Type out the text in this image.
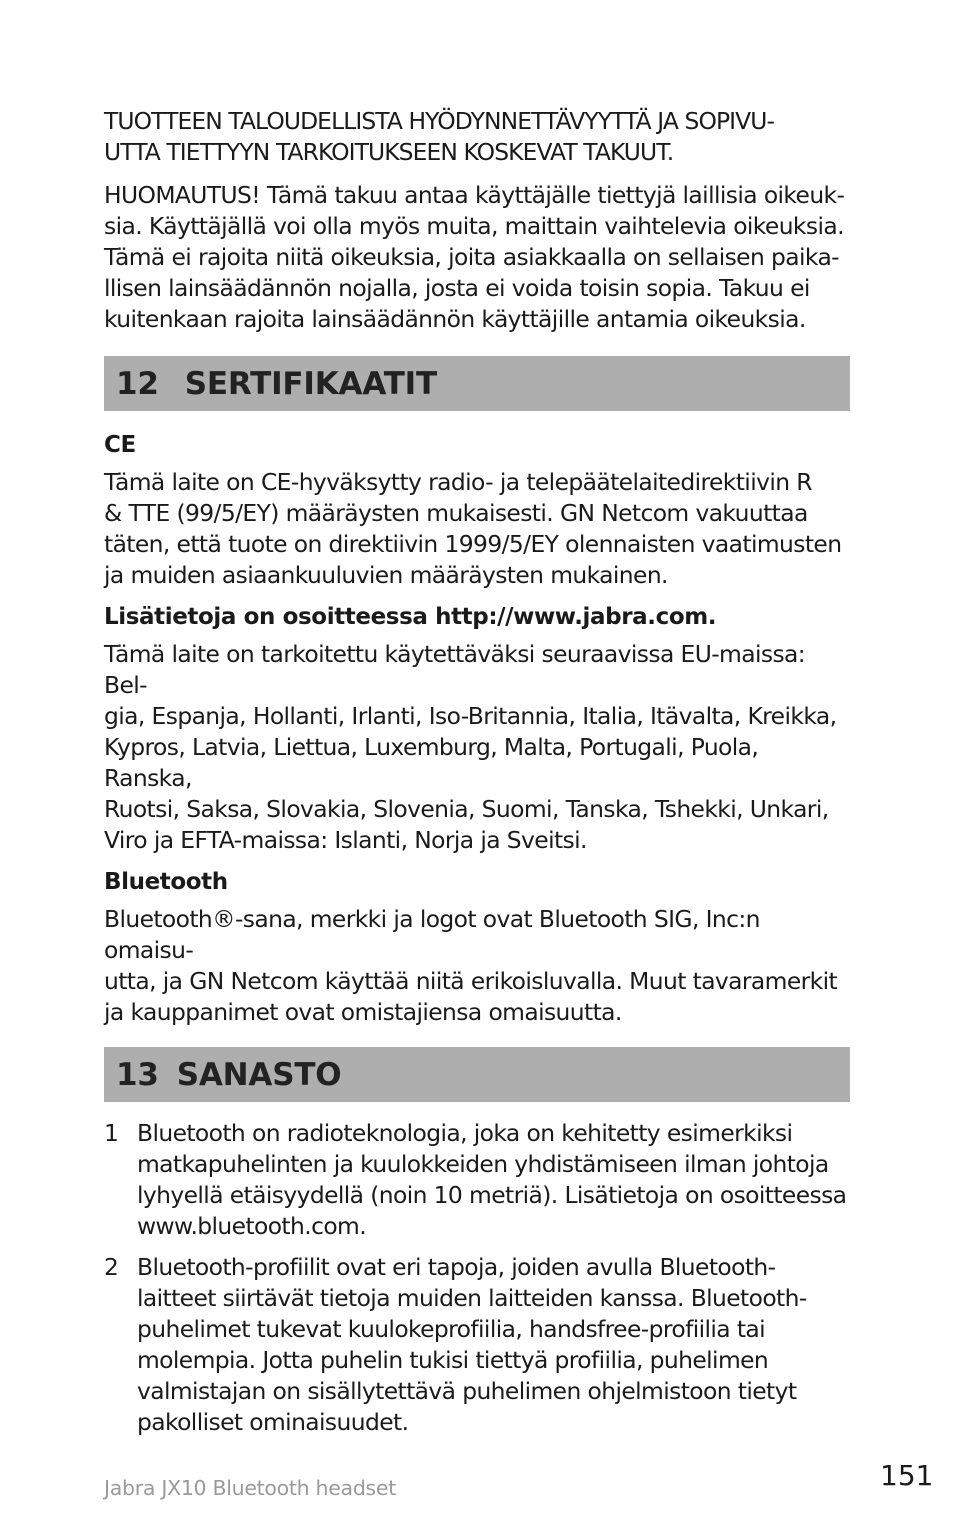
TUOTTEEN TALOUDELLISTA HYÖDYNNETTÄVYYTTÄ JA SOPIVU-
UTTA TIETTYYN TARKOITUKSEEN KOSKEVAT TAKUUT.

HUOMAUTUS! Tämä takuu antaa käyttäjälle tiettyjä laillisia oikeuk-
sia. Käyttäjällä voi olla myös muita, maittain vaihtelevia oikeuksia.
Tämä ei rajoita niitä oikeuksia, joita asiakkaalla on sellaisen paika-
llisen lainsäädännön nojalla, josta ei voida toisin sopia. Takuu ei
kuitenkaan rajoita lainsäädännön käyttäjille antamia oikeuksia.

12 SERTIFIKAATIT
CE

Tämä laite on CE-hyväksytty radio- ja telepäätelaitedirektiivin R
& TTE (99/5/EY) määräysten mukaisesti. GN Netcom vakuuttaa
täten, että tuote on direktiivin 1999/5/EY olennaisten vaatimusten
ja muiden asiaankuuluvien määräysten mukainen.

Lisätietoja on osoitteessa http://www.jabra.com.

Tämä laite on tarkoitettu käytettäväksi seuraavissa EU-maissa: Bel-
gia, Espanja, Hollanti, Irlanti, Iso-Britannia, Italia, Itävalta, Kreikka,
Kypros, Latvia, Liettua, Luxemburg, Malta, Portugali, Puola, Ranska,
Ruotsi, Saksa, Slovakia, Slovenia, Suomi, Tanska, Tshekki, Unkari,
Viro ja EFTA-maissa: Islanti, Norja ja Sveitsi.

Bluetooth

Bluetooth®-sana, merkki ja logot ovat Bluetooth SIG, Inc:n omaisu-
utta, ja GN Netcom käyttää niitä erikoisluvalla. Muut tavaramerkit
ja kauppanimet ovat omistajiensa omaisuutta.

13 SANASTO

1 Bluetooth on radioteknologia, joka on kehitetty esimerkiksi
matkapuhelinten ja kuulokkeiden yhdistämiseen ilman johtoja
lyhyellä etäisyydellä (noin 10 metriä). Lisätietoja on osoitteessa
www.bluetooth.com.

2 Bluetooth-profiilit ovat eri tapoja, joiden avulla Bluetooth-
laitteet siirtävät tietoja muiden laitteiden kanssa. Bluetooth-
puhelimet tukevat kuulokeprofiilia, handsfree-profiilia tai
molempia. Jotta puhelin tukisi tiettyä profiilia, puhelimen
valmistajan on sisällytettävä puhelimen ohjelmistoon tietyt
pakolliset ominaisuudet.

Jabra JX10 Bluetooth headset	151
